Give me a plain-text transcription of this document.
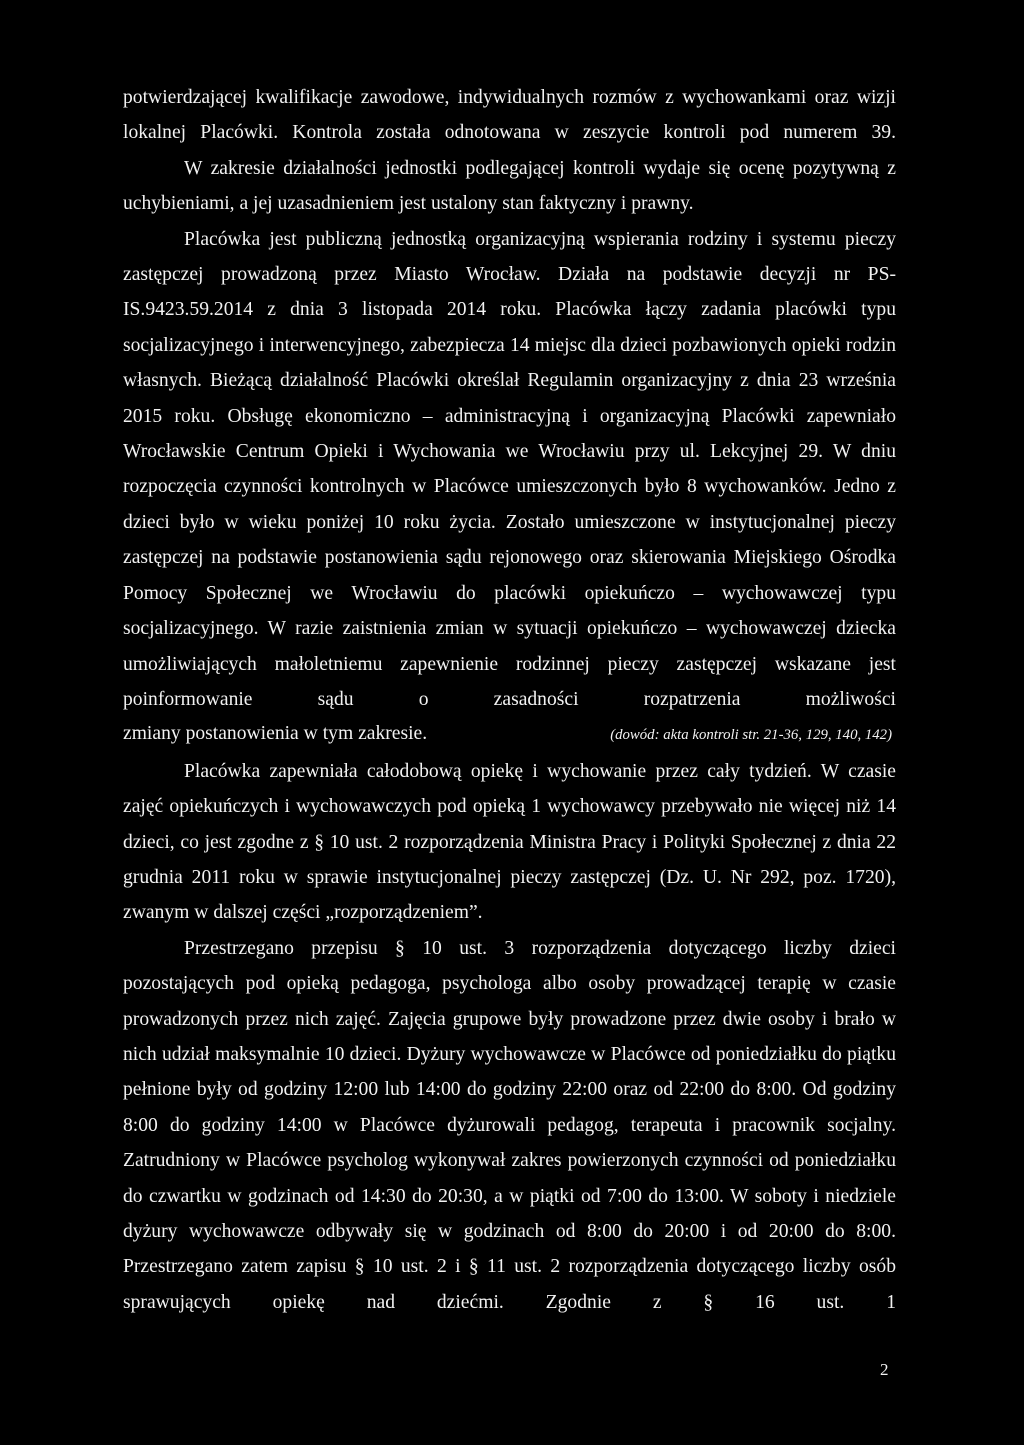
potwierdzającej kwalifikacje zawodowe, indywidualnych rozmów z wychowankami oraz wizji lokalnej Placówki. Kontrola została odnotowana w zeszycie kontroli pod numerem 39.

W zakresie działalności jednostki podlegającej kontroli wydaje się ocenę pozytywną z uchybieniami, a jej uzasadnieniem jest ustalony stan faktyczny i prawny.

Placówka jest publiczną jednostką organizacyjną wspierania rodziny i systemu pieczy zastępczej prowadzoną przez Miasto Wrocław. Działa na podstawie decyzji nr PS-IS.9423.59.2014 z dnia 3 listopada 2014 roku. Placówka łączy zadania placówki typu socjalizacyjnego i interwencyjnego, zabezpiecza 14 miejsc dla dzieci pozbawionych opieki rodzin własnych. Bieżącą działalność Placówki określał Regulamin organizacyjny z dnia 23 września 2015 roku. Obsługę ekonomiczno – administracyjną i organizacyjną Placówki zapewniało Wrocławskie Centrum Opieki i Wychowania we Wrocławiu przy ul. Lekcyjnej 29. W dniu rozpoczęcia czynności kontrolnych w Placówce umieszczonych było 8 wychowanków. Jedno z dzieci było w wieku poniżej 10 roku życia. Zostało umieszczone w instytucjonalnej pieczy zastępczej na podstawie postanowienia sądu rejonowego oraz skierowania Miejskiego Ośrodka Pomocy Społecznej we Wrocławiu do placówki opiekuńczo – wychowawczej typu socjalizacyjnego. W razie zaistnienia zmian w sytuacji opiekuńczo – wychowawczej dziecka umożliwiających małoletniemu zapewnienie rodzinnej pieczy zastępczej wskazane jest poinformowanie sądu o zasadności rozpatrzenia możliwości

zmiany postanowienia w tym zakresie.	(dowód: akta kontroli str. 21-36, 129, 140, 142)

Placówka zapewniała całodobową opiekę i wychowanie przez cały tydzień. W czasie zajęć opiekuńczych i wychowawczych pod opieką 1 wychowawcy przebywało nie więcej niż 14 dzieci, co jest zgodne z § 10 ust. 2 rozporządzenia Ministra Pracy i Polityki Społecznej z dnia 22 grudnia 2011 roku w sprawie instytucjonalnej pieczy zastępczej (Dz. U. Nr 292, poz. 1720), zwanym w dalszej części „rozporządzeniem”.

Przestrzegano przepisu § 10 ust. 3 rozporządzenia dotyczącego liczby dzieci pozostających pod opieką pedagoga, psychologa albo osoby prowadzącej terapię w czasie prowadzonych przez nich zajęć. Zajęcia grupowe były prowadzone przez dwie osoby i brało w nich udział maksymalnie 10 dzieci. Dyżury wychowawcze w Placówce od poniedziałku do piątku pełnione były od godziny 12:00 lub 14:00 do godziny 22:00 oraz od 22:00 do 8:00. Od godziny 8:00 do godziny 14:00 w Placówce dyżurowali pedagog, terapeuta i pracownik socjalny. Zatrudniony w Placówce psycholog wykonywał zakres powierzonych czynności od poniedziałku do czwartku w godzinach od 14:30 do 20:30, a w piątki od 7:00 do 13:00. W soboty i niedziele dyżury wychowawcze odbywały się w godzinach od 8:00 do 20:00 i od 20:00 do 8:00. Przestrzegano zatem zapisu § 10 ust. 2 i § 11 ust. 2 rozporządzenia dotyczącego liczby osób sprawujących opiekę nad dziećmi. Zgodnie z § 16 ust. 1

2
